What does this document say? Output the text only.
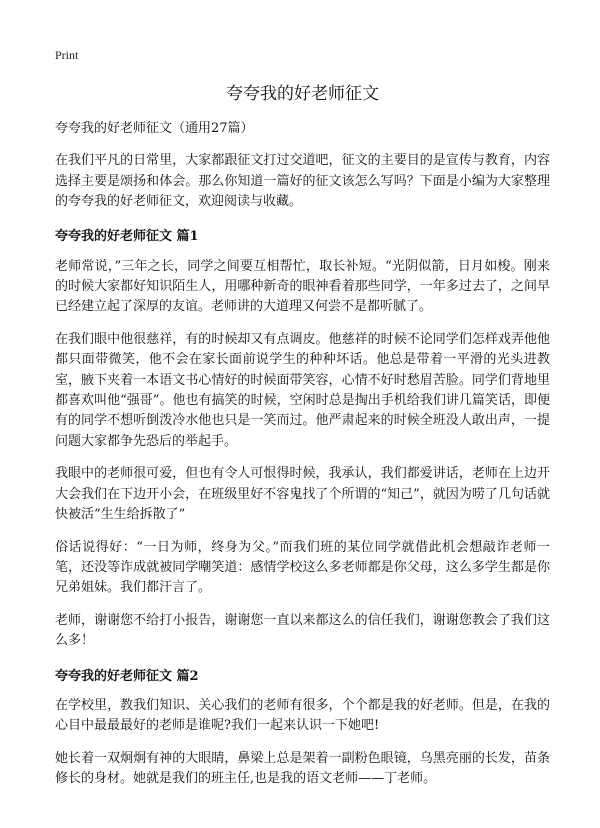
Print
夸夸我的好老师征文
夸夸我的好老师征文（通用27篇）

在我们平凡的日常里，大家都跟征文打过交道吧，征文的主要目的是宣传与教育，内容选择主要是颂扬和体会。那么你知道一篇好的征文该怎么写吗？下面是小编为大家整理的夸夸我的好老师征文，欢迎阅读与收藏。

夸夸我的好老师征文 篇1

老师常说，”三年之长，同学之间要互相帮忙，取长补短。“光阴似箭，日月如梭。刚来的时候大家都好知识陌生人，用哪种新奇的眼神看着那些同学，一年多过去了，之间早已经建立起了深厚的友谊。老师讲的大道理又何尝不是都听腻了。

在我们眼中他很慈祥，有的时候却又有点调皮。他慈祥的时候不论同学们怎样戏弄他他都只面带微笑，他不会在家长面前说学生的种种坏话。他总是带着一平滑的光头进教室，腋下夹着一本语文书心情好的时候面带笑容，心情不好时愁眉苦脸。同学们背地里都喜欢叫他“强哥”。他也有搞笑的时候，空闲时总是掏出手机给我们讲几篇笑话，即便有的同学不想听倒泼冷水他也只是一笑而过。他严肃起来的时候全班没人敢出声，一提问题大家都争先恐后的举起手。

我眼中的老师很可爱，但也有令人可恨得时候，我承认，我们都爱讲话，老师在上边开大会我们在下边开小会，在班级里好不容鬼找了个所谓的“知己”，就因为唠了几句话就快被活“生生给拆散了”

俗话说得好：“一日为师，终身为父。”而我们班的某位同学就借此机会想敲诈老师一笔，还没等诈成就被同学嘲笑道：感情学校这么多老师都是你父母，这么多学生都是你兄弟姐妹。我们都汗言了。

老师，谢谢您不给打小报告，谢谢您一直以来都这么的信任我们，谢谢您教会了我们这么多！

夸夸我的好老师征文 篇2

在学校里，教我们知识、关心我们的老师有很多，个个都是我的好老师。但是，在我的心目中最最最好的老师是谁呢?我们一起来认识一下她吧!

她长着一双炯炯有神的大眼睛，鼻梁上总是架着一副粉色眼镜，乌黑亮丽的长发，苗条修长的身材。她就是我们的班主任,也是我的语文老师——丁老师。
